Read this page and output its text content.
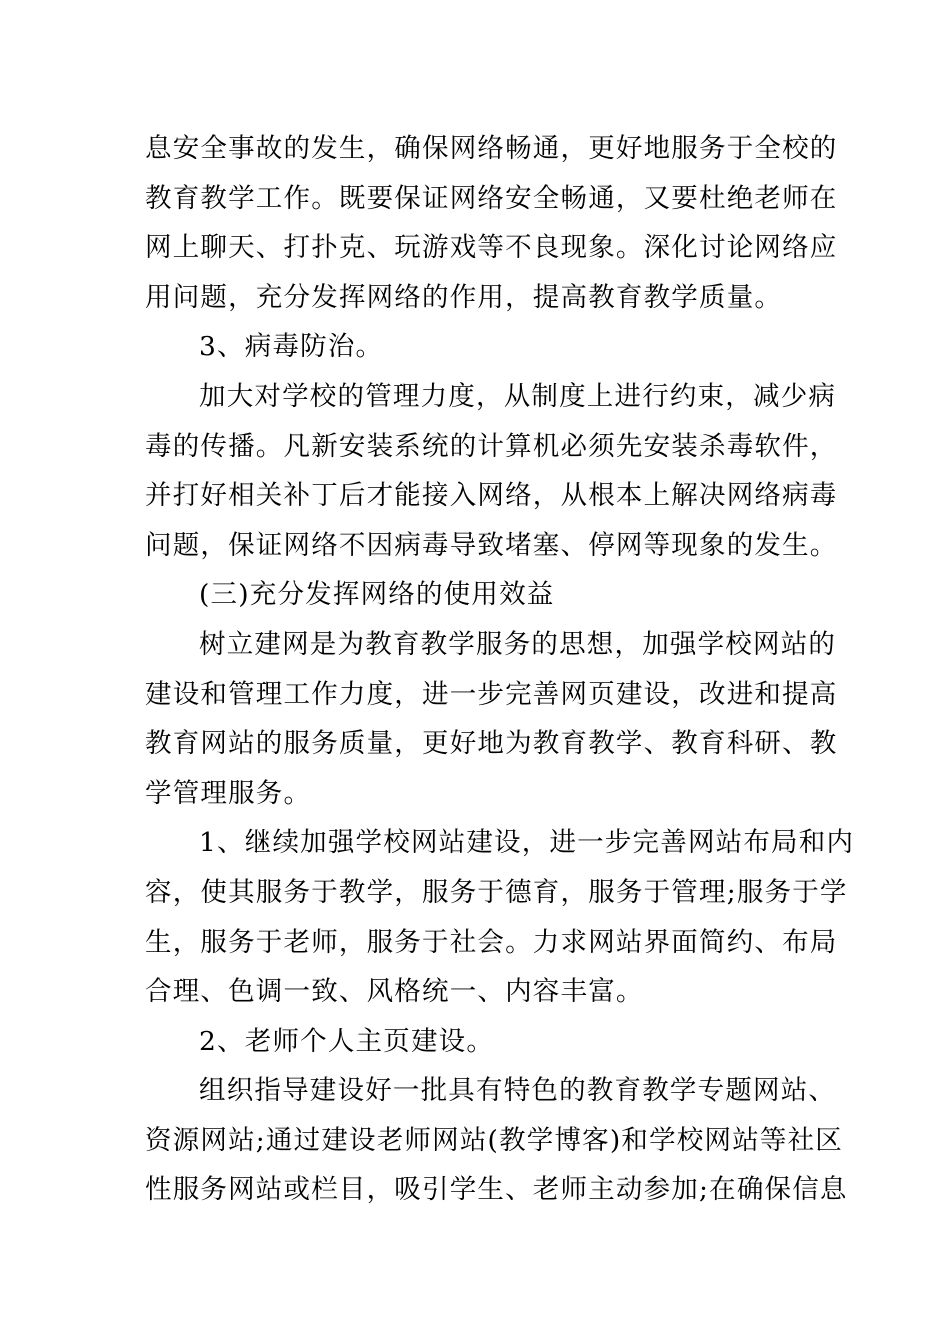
息安全事故的发生，确保网络畅通，更好地服务于全校的
教育教学工作。既要保证网络安全畅通，又要杜绝老师在
网上聊天、打扑克、玩游戏等不良现象。深化讨论网络应
用问题，充分发挥网络的作用，提高教育教学质量。
3、病毒防治。
加大对学校的管理力度，从制度上进行约束，减少病
毒的传播。凡新安装系统的计算机必须先安装杀毒软件，
并打好相关补丁后才能接入网络，从根本上解决网络病毒
问题，保证网络不因病毒导致堵塞、停网等现象的发生。
(三)充分发挥网络的使用效益
树立建网是为教育教学服务的思想，加强学校网站的
建设和管理工作力度，进一步完善网页建设，改进和提高
教育网站的服务质量，更好地为教育教学、教育科研、教
学管理服务。
1、继续加强学校网站建设，进一步完善网站布局和内
容，使其服务于教学，服务于德育，服务于管理;服务于学
生，服务于老师，服务于社会。力求网站界面简约、布局
合理、色调一致、风格统一、内容丰富。
2、老师个人主页建设。
组织指导建设好一批具有特色的教育教学专题网站、
资源网站;通过建设老师网站(教学博客)和学校网站等社区
性服务网站或栏目，吸引学生、老师主动参加;在确保信息
